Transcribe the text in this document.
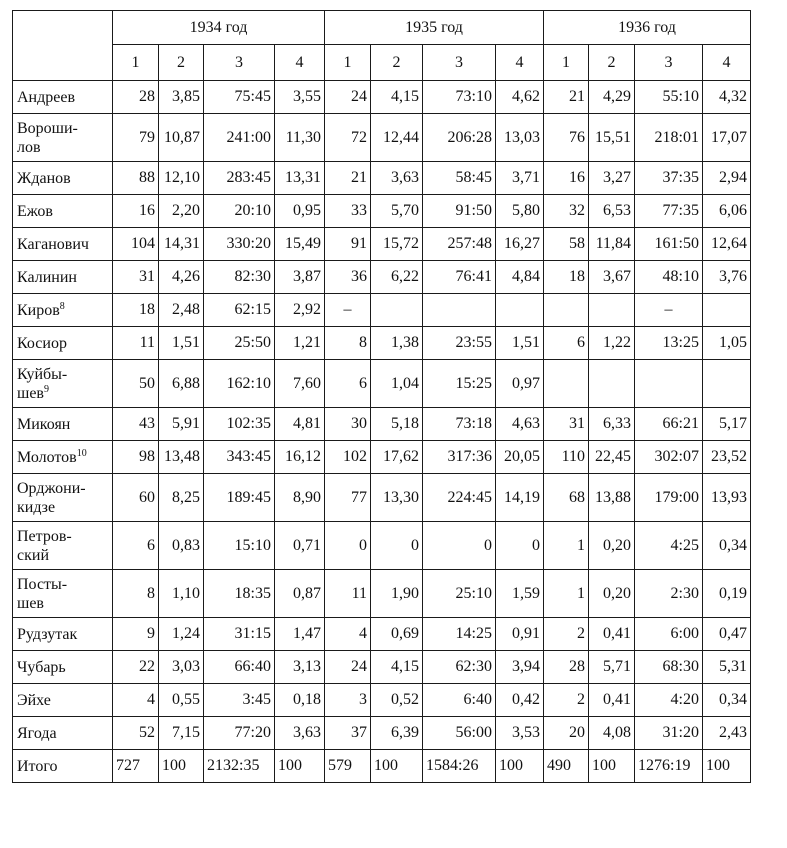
	1934 год				1935 год				1936 год			
	1	2	3	4	1	2	3	4	1	2	3	4
Андреев	28	3,85	75:45	3,55	24	4,15	73:10	4,62	21	4,29	55:10	4,32
Вороши-
лов	79	10,87	241:00	11,30	72	12,44	206:28	13,03	76	15,51	218:01	17,07
Жданов	88	12,10	283:45	13,31	21	3,63	58:45	3,71	16	3,27	37:35	2,94
Ежов	16	2,20	20:10	0,95	33	5,70	91:50	5,80	32	6,53	77:35	6,06
Каганович	104	14,31	330:20	15,49	91	15,72	257:48	16,27	58	11,84	161:50	12,64
Калинин	31	4,26	82:30	3,87	36	6,22	76:41	4,84	18	3,67	48:10	3,76
Киров$^8$	18	2,48	62:15	2,92	–						–	
Косиор	11	1,51	25:50	1,21	8	1,38	23:55	1,51	6	1,22	13:25	1,05
Куйбы-
шев$^9$	50	6,88	162:10	7,60	6	1,04	15:25	0,97				
Микоян	43	5,91	102:35	4,81	30	5,18	73:18	4,63	31	6,33	66:21	5,17
Молотов$^{10}$	98	13,48	343:45	16,12	102	17,62	317:36	20,05	110	22,45	302:07	23,52
Орджони-
кидзе	60	8,25	189:45	8,90	77	13,30	224:45	14,19	68	13,88	179:00	13,93
Петров-
ский	6	0,83	15:10	0,71	0	0	0	0	1	0,20	4:25	0,34
Посты-
шев	8	1,10	18:35	0,87	11	1,90	25:10	1,59	1	0,20	2:30	0,19
Рудзутак	9	1,24	31:15	1,47	4	0,69	14:25	0,91	2	0,41	6:00	0,47
Чубарь	22	3,03	66:40	3,13	24	4,15	62:30	3,94	28	5,71	68:30	5,31
Эйхе	4	0,55	3:45	0,18	3	0,52	6:40	0,42	2	0,41	4:20	0,34
Ягода	52	7,15	77:20	3,63	37	6,39	56:00	3,53	20	4,08	31:20	2,43
Итого	727	100	2132:35	100	579	100	1584:26	100	490	100	1276:19	100
